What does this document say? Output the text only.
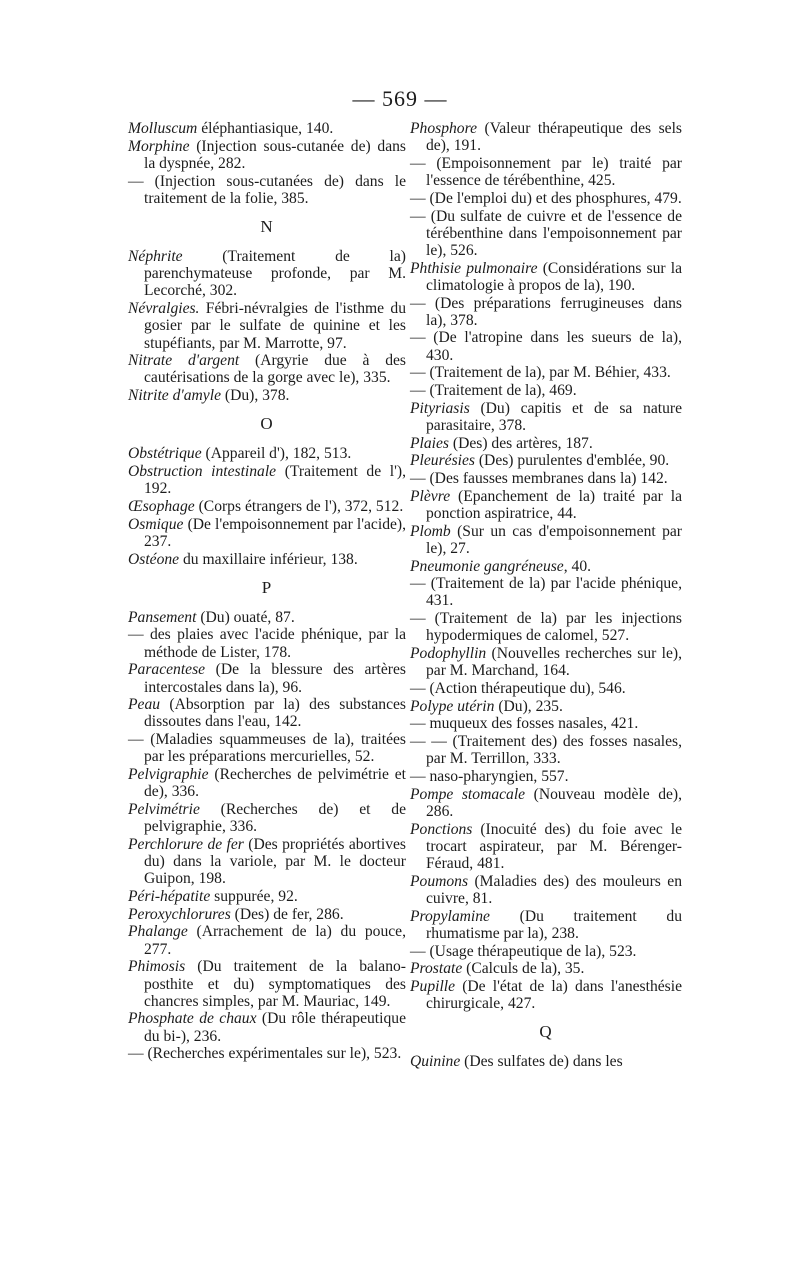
— 569 —
Molluscum éléphantiasique, 140.
Morphine (Injection sous-cutanée de) dans la dyspnée, 282.
— (Injection sous-cutanées de) dans le traitement de la folie, 385.
N
Néphrite (Traitement de la) parenchymateuse profonde, par M. Lecorché, 302.
Névralgies. Fébri-névralgies de l'isthme du gosier par le sulfate de quinine et les stupéfiants, par M. Marrotte, 97.
Nitrate d'argent (Argyrie due à des cautérisations de la gorge avec le), 335.
Nitrite d'amyle (Du), 378.
O
Obstétrique (Appareil d'), 182, 513.
Obstruction intestinale (Traitement de l'), 192.
Œsophage (Corps étrangers de l'), 372, 512.
Osmique (De l'empoisonnement par l'acide), 237.
Ostéone du maxillaire inférieur, 138.
P
Pansement (Du) ouaté, 87.
— des plaies avec l'acide phénique, par la méthode de Lister, 178.
Paracentese (De la blessure des artères intercostales dans la), 96.
Peau (Absorption par la) des substances dissoutes dans l'eau, 142.
— (Maladies squammeuses de la), traitées par les préparations mercurielles, 52.
Pelvigraphie (Recherches de pelvimétrie et de), 336.
Pelvimétrie (Recherches de) et de pelvigraphie, 336.
Perchlorure de fer (Des propriétés abortives du) dans la variole, par M. le docteur Guipon, 198.
Péri-hépatite suppurée, 92.
Peroxychlorures (Des) de fer, 286.
Phalange (Arrachement de la) du pouce, 277.
Phimosis (Du traitement de la balano-posthite et du) symptomatiques des chancres simples, par M. Mauriac, 149.
Phosphate de chaux (Du rôle thérapeutique du bi-), 236.
— (Recherches expérimentales sur le), 523.
Phosphore (Valeur thérapeutique des sels de), 191.
— (Empoisonnement par le) traité par l'essence de térébenthine, 425.
— (De l'emploi du) et des phosphures, 479.
— (Du sulfate de cuivre et de l'essence de térébenthine dans l'empoisonnement par le), 526.
Phthisie pulmonaire (Considérations sur la climatologie à propos de la), 190.
— (Des préparations ferrugineuses dans la), 378.
— (De l'atropine dans les sueurs de la), 430.
— (Traitement de la), par M. Béhier, 433.
— (Traitement de la), 469.
Pityriasis (Du) capitis et de sa nature parasitaire, 378.
Plaies (Des) des artères, 187.
Pleurésies (Des) purulentes d'emblée, 90.
— (Des fausses membranes dans la) 142.
Plèvre (Epanchement de la) traité par la ponction aspiratrice, 44.
Plomb (Sur un cas d'empoisonnement par le), 27.
Pneumonie gangréneuse, 40.
— (Traitement de la) par l'acide phénique, 431.
— (Traitement de la) par les injections hypodermiques de calomel, 527.
Podophyllin (Nouvelles recherches sur le), par M. Marchand, 164.
— (Action thérapeutique du), 546.
Polype utérin (Du), 235.
— muqueux des fosses nasales, 421.
— — (Traitement des) des fosses nasales, par M. Terrillon, 333.
— naso-pharyngien, 557.
Pompe stomacale (Nouveau modèle de), 286.
Ponctions (Inocuité des) du foie avec le trocart aspirateur, par M. Bérenger-Féraud, 481.
Poumons (Maladies des) des mouleurs en cuivre, 81.
Propylamine (Du traitement du rhumatisme par la), 238.
— (Usage thérapeutique de la), 523.
Prostate (Calculs de la), 35.
Pupille (De l'état de la) dans l'anesthésie chirurgicale, 427.
Q
Quinine (Des sulfates de) dans les
